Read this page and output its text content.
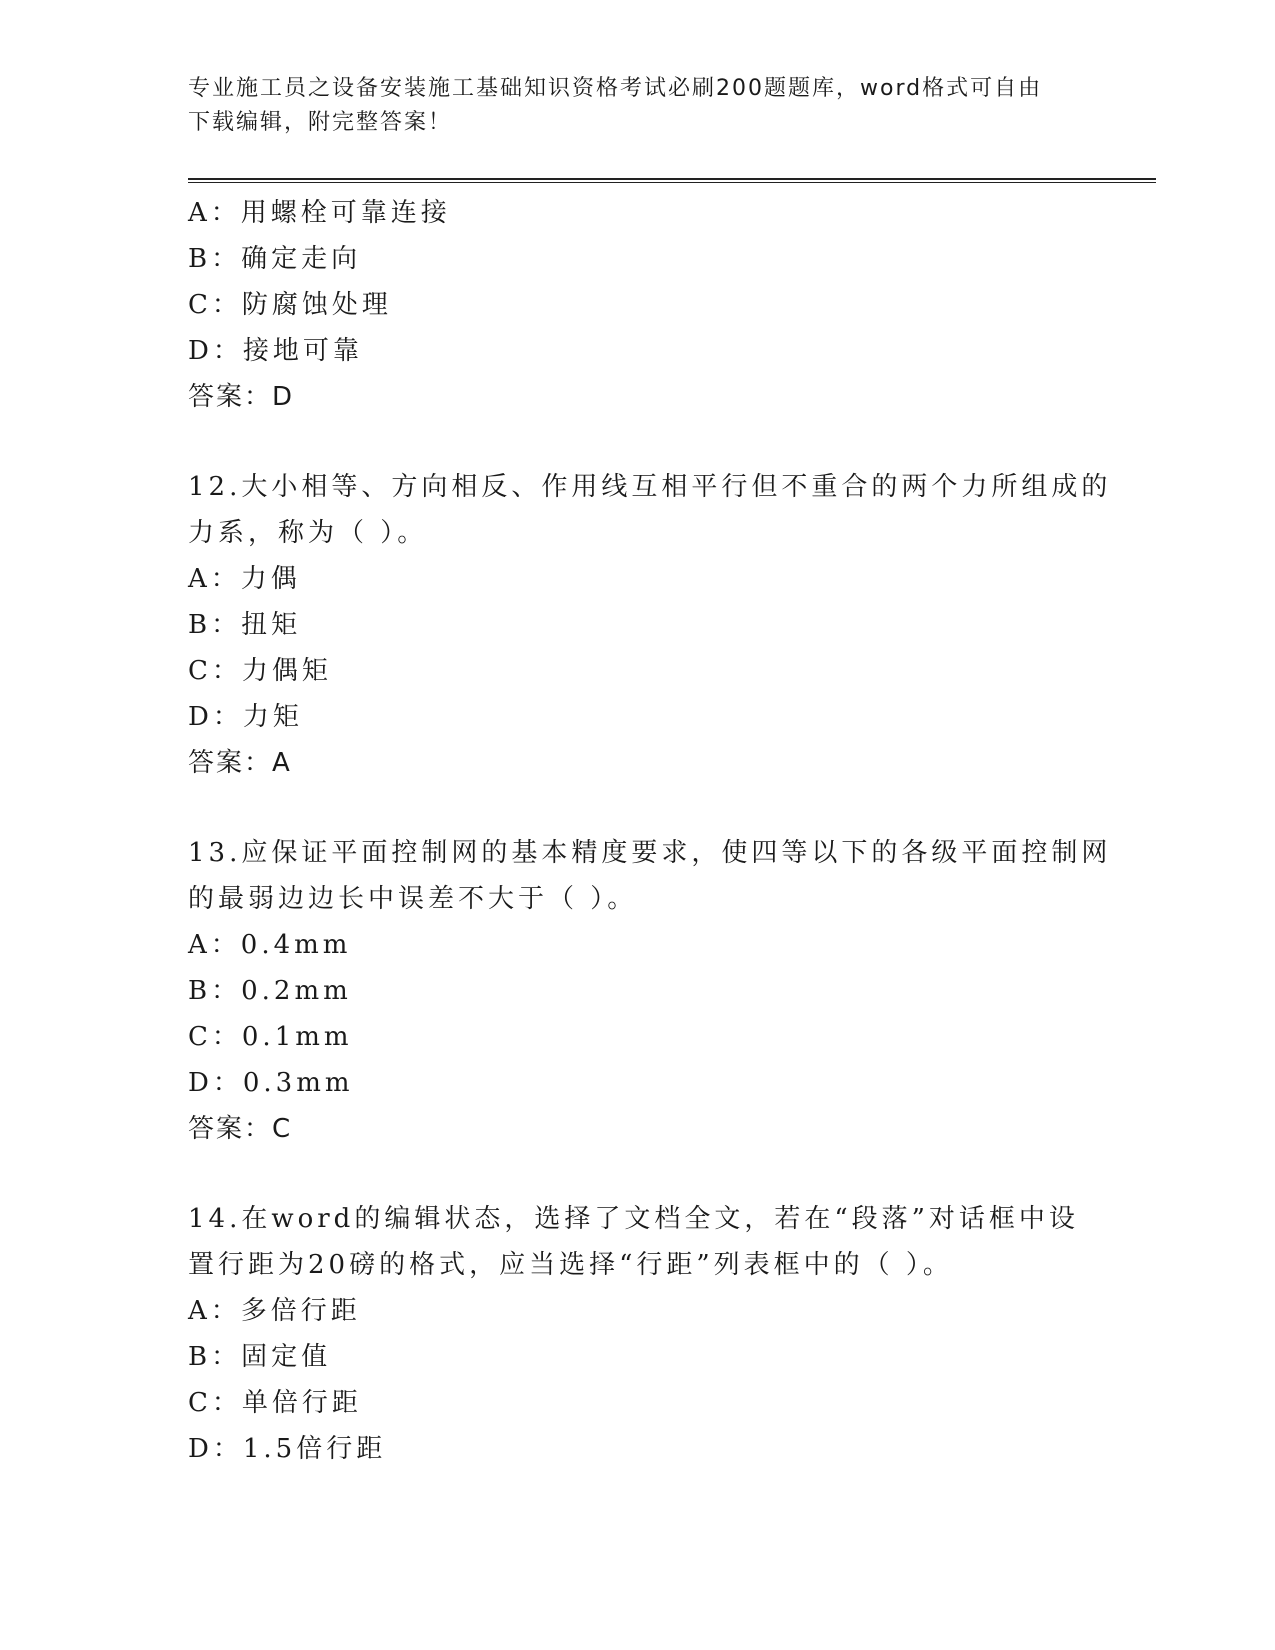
专业施工员之设备安装施工基础知识资格考试必刷200题题库，word格式可自由
下载编辑，附完整答案！
A：用螺栓可靠连接
B：确定走向
C：防腐蚀处理
D：接地可靠
答案：D
12.大小相等、方向相反、作用线互相平行但不重合的两个力所组成的
力系，称为（ ）。
A：力偶
B：扭矩
C：力偶矩
D：力矩
答案：A
13.应保证平面控制网的基本精度要求，使四等以下的各级平面控制网
的最弱边边长中误差不大于（ ）。
A：0.4mm
B：0.2mm
C：0.1mm
D：0.3mm
答案：C
14.在word的编辑状态，选择了文档全文，若在“段落”对话框中设
置行距为20磅的格式，应当选择“行距”列表框中的（ ）。
A：多倍行距
B：固定值
C：单倍行距
D：1.5倍行距
